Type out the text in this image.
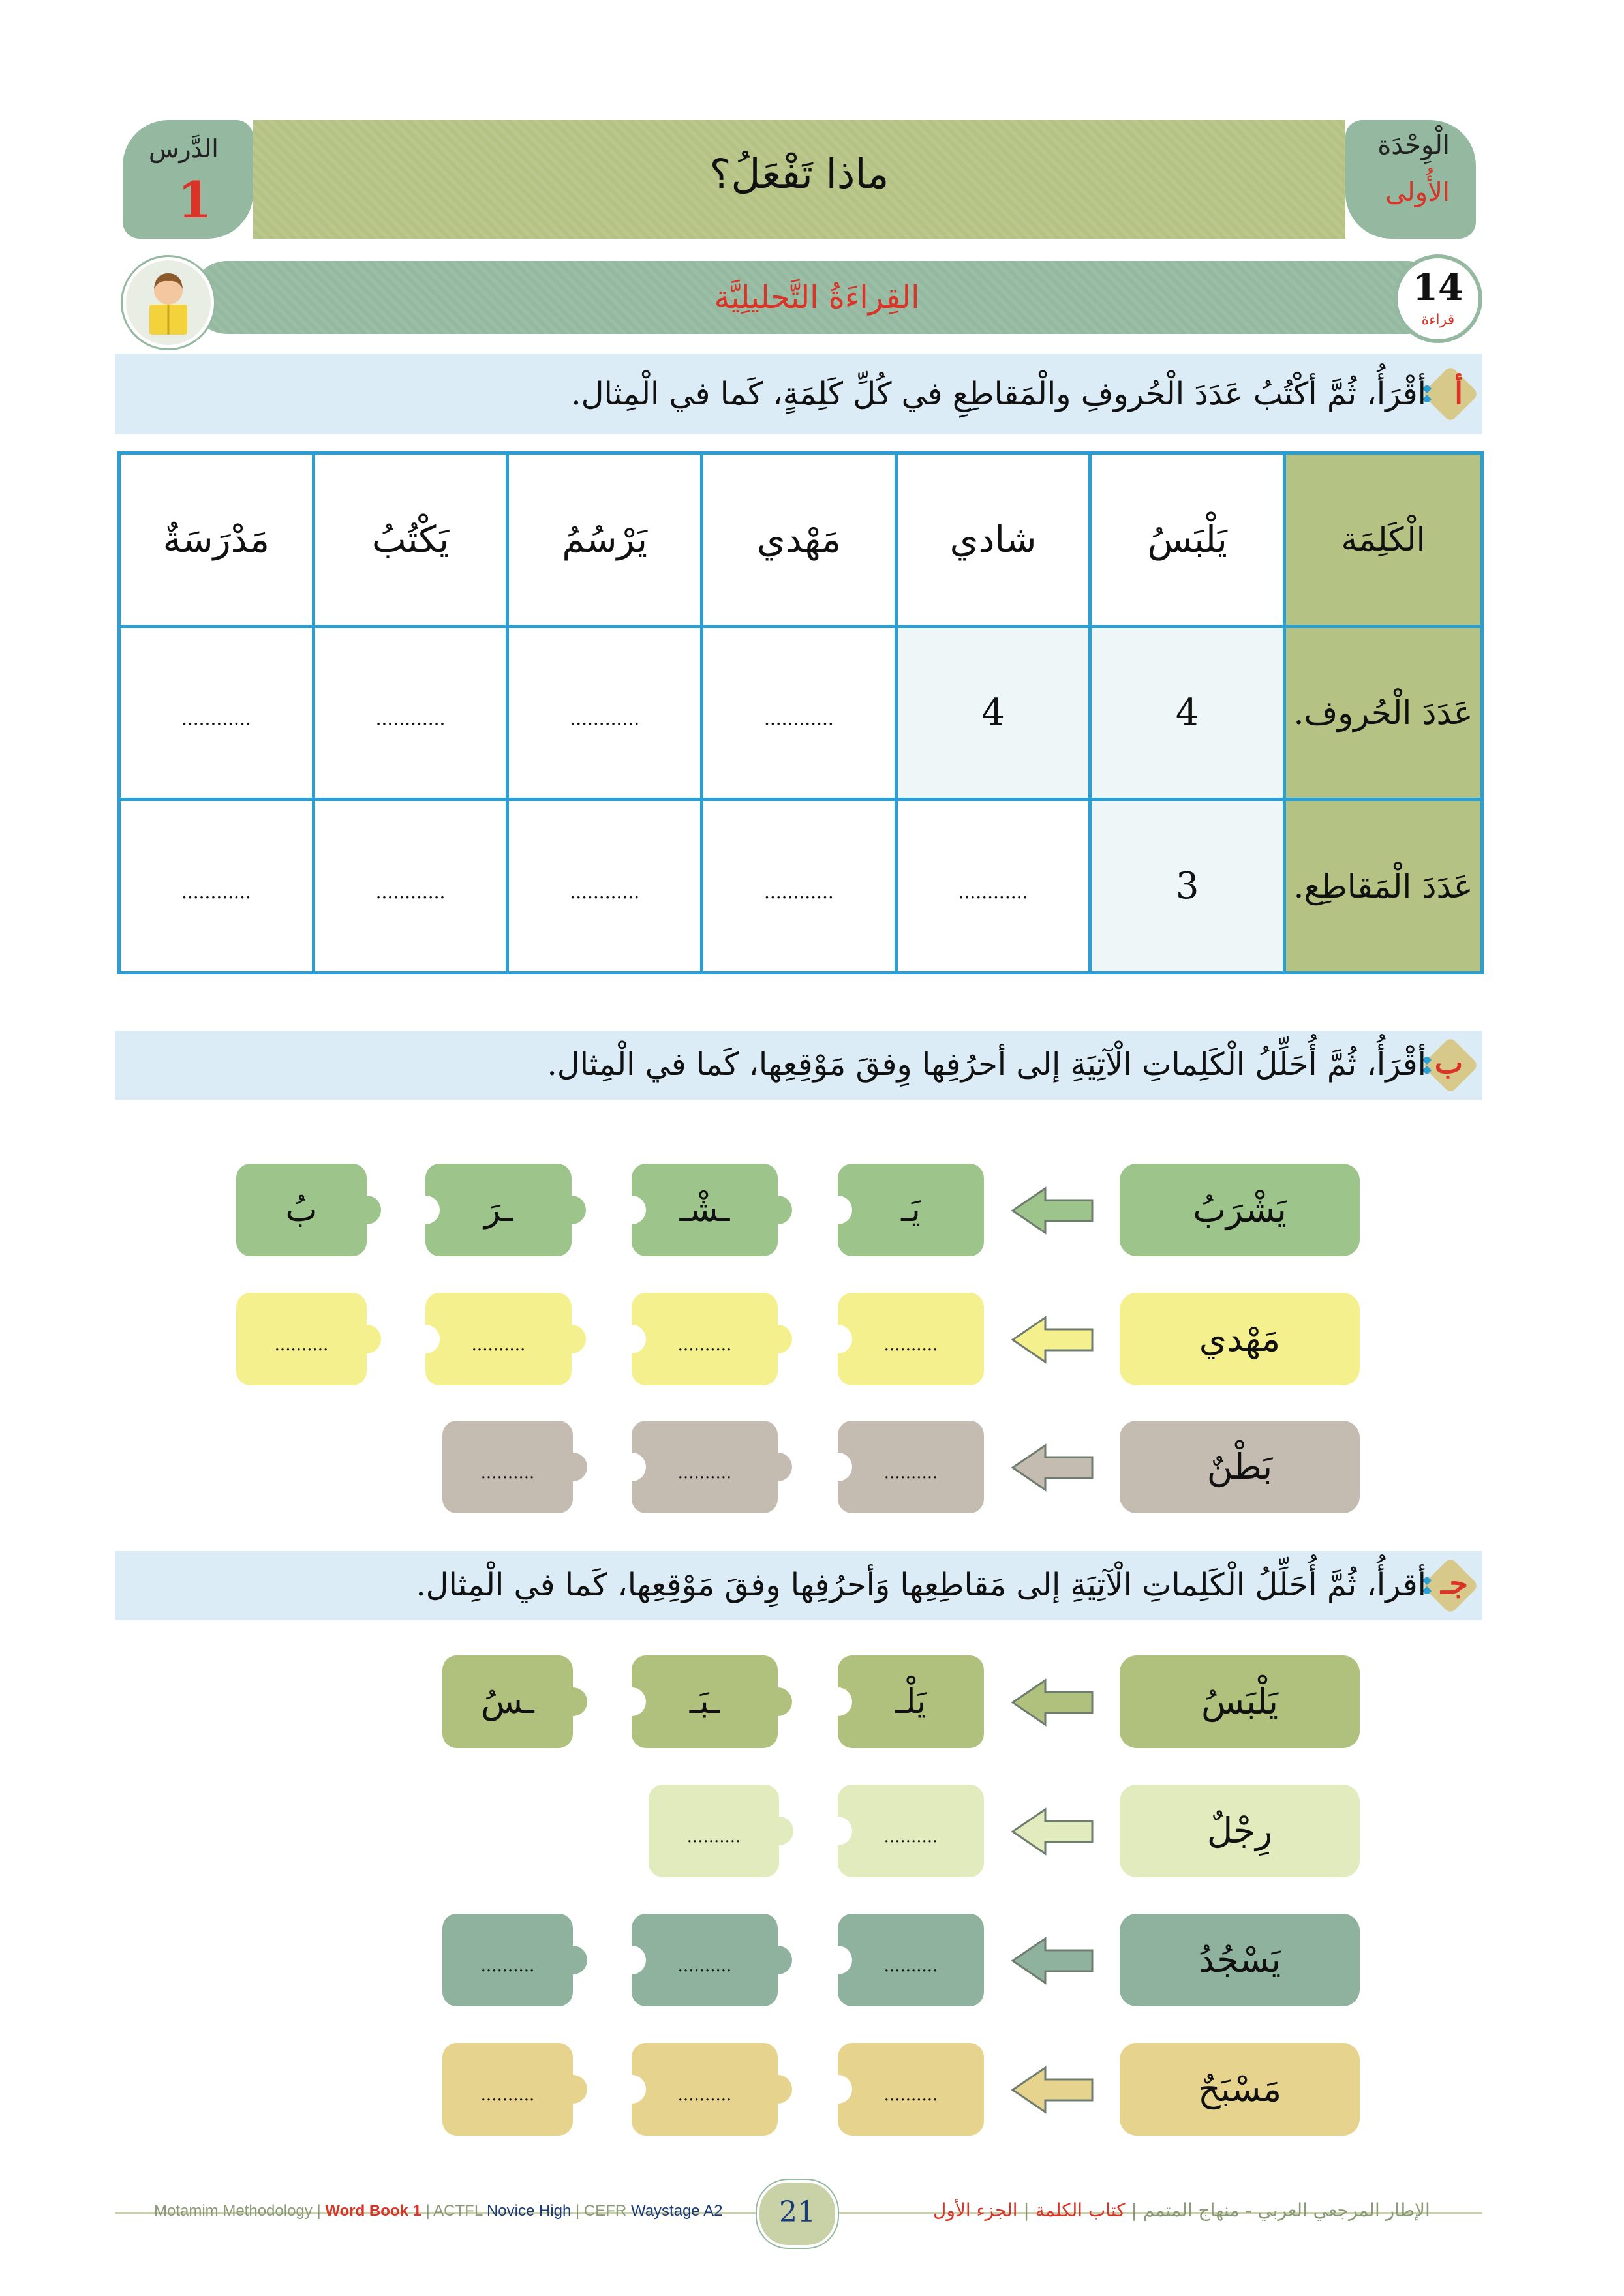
الْوِحْدَة
الأُولى
ماذا تَفْعَلُ؟
الدَّرس
1
القِراءَةُ التَّحليلِيَّة	14
قراءة
أ
أقْرَأُ، ثُمَّ أكْتُبُ عَدَدَ الْحُروفِ والْمَقاطِعِ في كُلِّ كَلِمَةٍ، كَما في الْمِثال.
الْكَلِمَة	يَلْبَسُ	شادي	مَهْدي	يَرْسُمُ	يَكْتُبُ	مَدْرَسَةٌ
عَدَدَ الْحُروف.	4	4	............	............	............	............
عَدَدَ الْمَقاطِع.	3	............	............	............	............	............
ب
أقْرَأُ، ثُمَّ أُحَلِّلُ الْكَلِماتِ الْآتِيَةِ إلى أحرُفِها وِفقَ مَوْقِعِها، كَما في الْمِثال.
يَشْرَبُ
يَـ
ـشْـ
ـرَ
بُ
مَهْدي
..........
..........
..........
..........
بَطْنٌ
..........
..........
..........
جـ
أقرأُ، ثُمَّ أُحَلِّلُ الْكَلِماتِ الْآتِيَةِ إلى مَقاطِعِها وَأحرُفِها وِفقَ مَوْقِعِها، كَما في الْمِثال.
يَلْبَسُ
يَلْـ
ـبَـ
ـسُ
رِجْلٌ
..........
..........
يَسْجُدُ
..........
..........
..........
مَسْبَحٌ
..........
..........
..........
Motamim Methodology | Word Book 1 | ACTFL Novice High | CEFR Waystage A2	21	الإطار المرجعي العربي - منهاج المتمم | كتاب الكلمة | الجزء الأول
